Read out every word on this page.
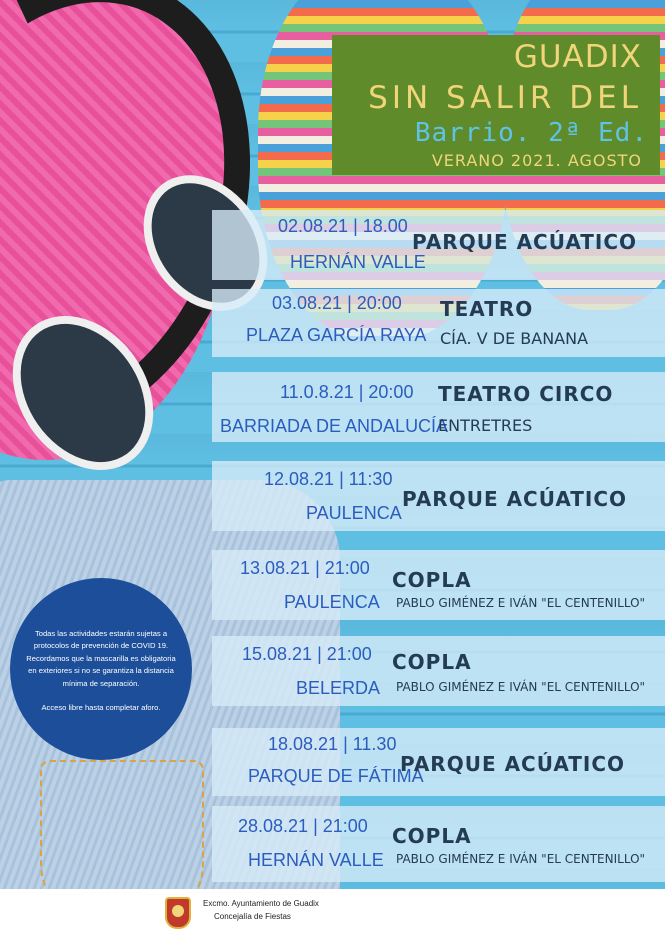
GUADIX
SIN SALIR DEL
Barrio. 2ª Ed.
VERANO 2021. AGOSTO
02.08.21 | 18.00
HERNÁN VALLE
PARQUE ACÚATICO
03.08.21 | 20:00
PLAZA GARCÍA RAYA
TEATRO
CÍA. V DE BANANA
11.0.8.21 | 20:00
BARRIADA DE ANDALUCÍA
TEATRO CIRCO
ENTRETRES
12.08.21 | 11:30
PAULENCA
PARQUE ACÚATICO
13.08.21 | 21:00
PAULENCA
COPLA
PABLO GIMÉNEZ E IVÁN "EL CENTENILLO"
15.08.21 | 21:00
BELERDA
COPLA
PABLO GIMÉNEZ E IVÁN "EL CENTENILLO"
18.08.21 | 11.30
PARQUE DE FÁTIMA
PARQUE ACÚATICO
28.08.21 | 21:00
HERNÁN VALLE
COPLA
PABLO GIMÉNEZ E IVÁN "EL CENTENILLO"

Todas las actividades estarán sujetas a protocolos de prevención de COVID 19. Recordamos que la mascarilla es obligatoria en exteriores si no se garantiza la distancia mínima de separación.

Acceso libre hasta completar aforo.

Excmo. Ayuntamiento de Guadix
Concejalía de Fiestas
